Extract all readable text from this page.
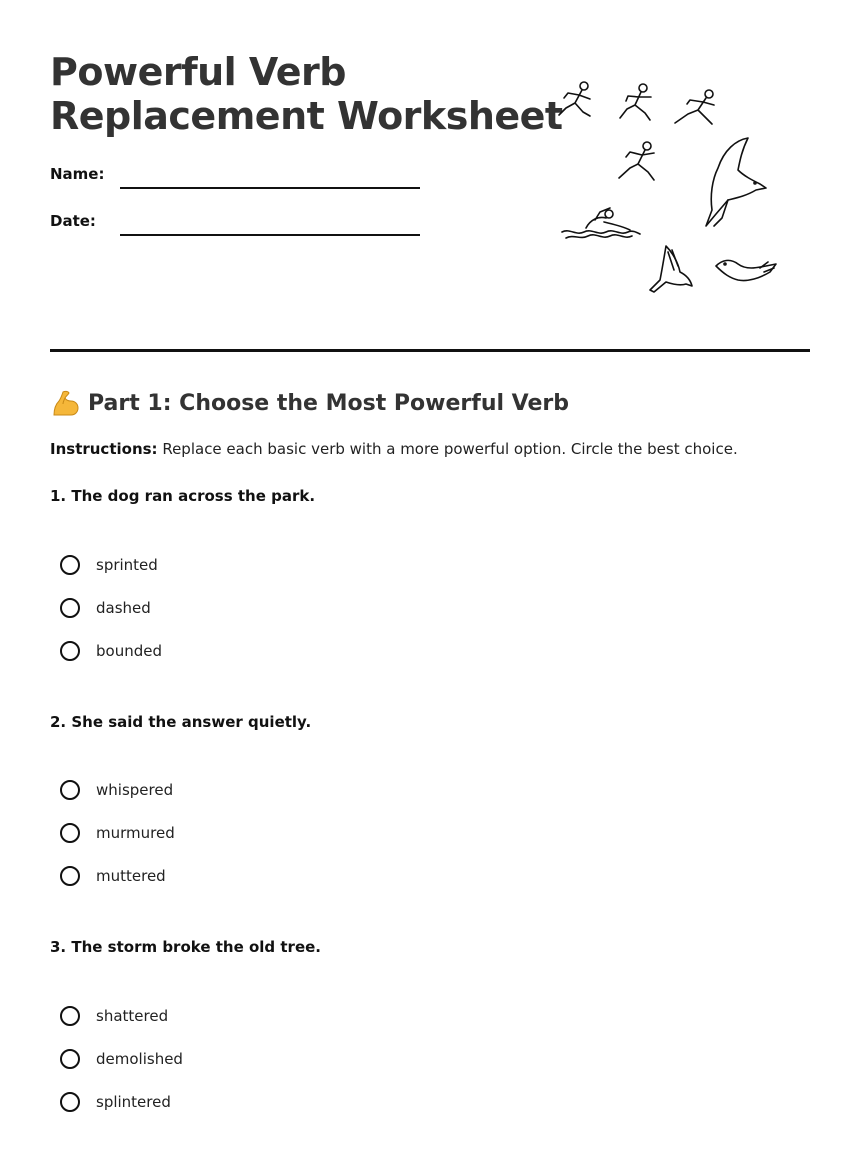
Powerful Verb
Replacement Worksheet
Name:
Date:
Part 1: Choose the Most Powerful Verb
Instructions: Replace each basic verb with a more powerful option. Circle the best choice.
1. The dog ran across the park.
sprinted
dashed
bounded
2. She said the answer quietly.
whispered
murmured
muttered
3. The storm broke the old tree.
shattered
demolished
splintered
